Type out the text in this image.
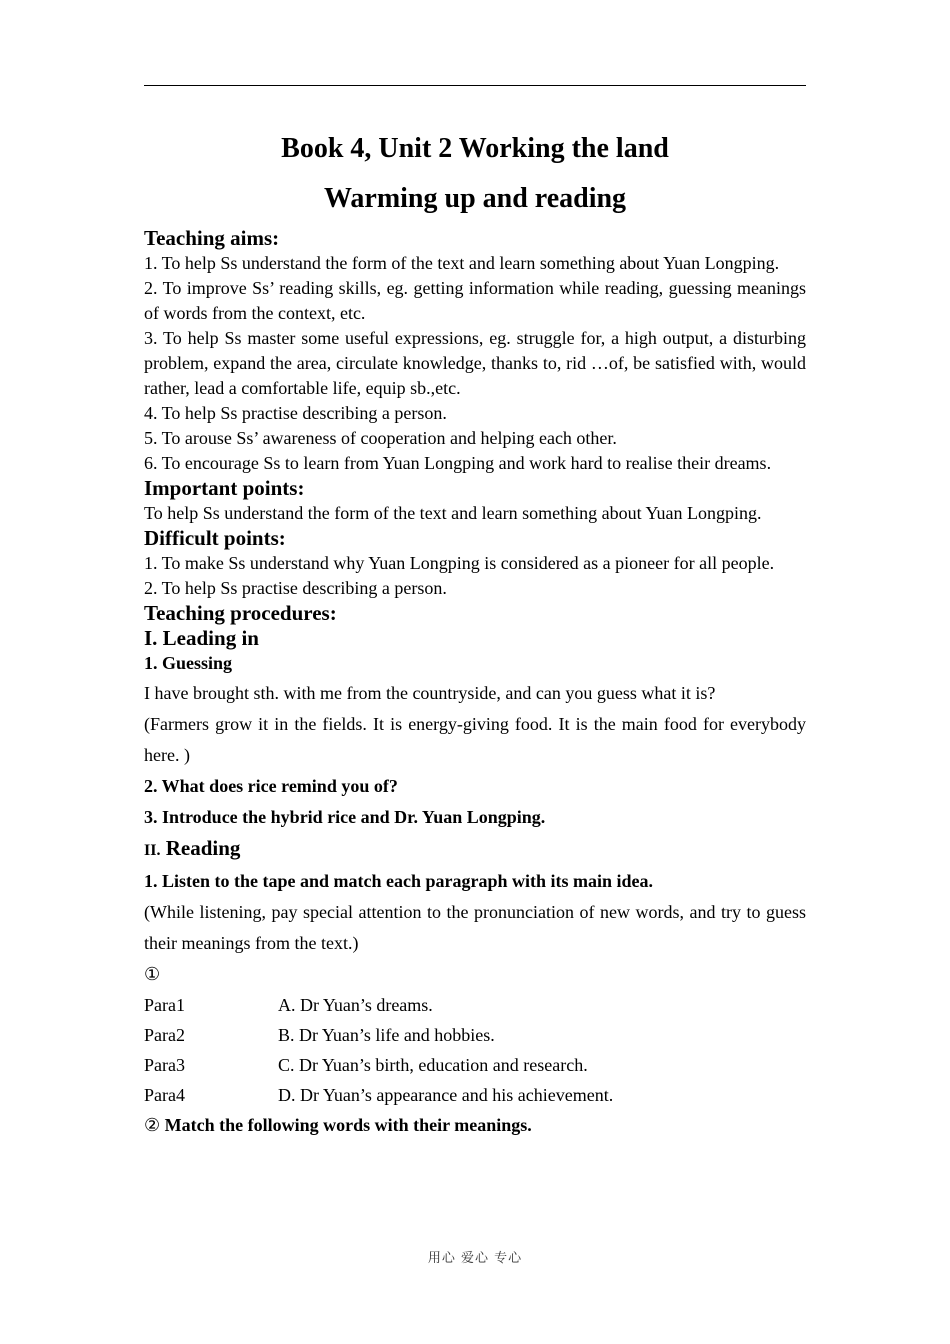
Book 4, Unit 2 Working the land
Warming up and reading
Teaching aims:

1. To help Ss understand the form of the text and learn something about Yuan Longping.

2. To improve Ss’ reading skills, eg. getting information while reading, guessing meanings of words from the context, etc.

3. To help Ss master some useful expressions, eg. struggle for, a high output, a disturbing problem, expand the area, circulate knowledge, thanks to, rid …of, be satisfied with, would rather, lead a comfortable life, equip sb.,etc.

4. To help Ss practise describing a person.

5. To arouse Ss’ awareness of cooperation and helping each other.

6. To encourage Ss to learn from Yuan Longping and work hard to realise their dreams.

Important points:

To help Ss understand the form of the text and learn something about Yuan Longping.

Difficult points:

1. To make Ss understand why Yuan Longping is considered as a pioneer for all people.

2. To help Ss practise describing a person.

Teaching procedures:
I. Leading in
1. Guessing

I have brought sth. with me from the countryside, and can you guess what it is?

(Farmers grow it in the fields. It is energy-giving food. It is the main food for everybody here. )

2. What does rice remind you of?

3. Introduce the hybrid rice and Dr. Yuan Longping.

II. Reading

1. Listen to the tape and match each paragraph with its main idea.

(While listening, pay special attention to the pronunciation of new words, and try to guess their meanings from the text.)

①

Para1	A. Dr Yuan’s dreams.
Para2	B. Dr Yuan’s life and hobbies.
Para3	C. Dr Yuan’s birth, education and research.
Para4	D. Dr Yuan’s appearance and his achievement.

② Match the following words with their meanings.

用心 爱心 专心
